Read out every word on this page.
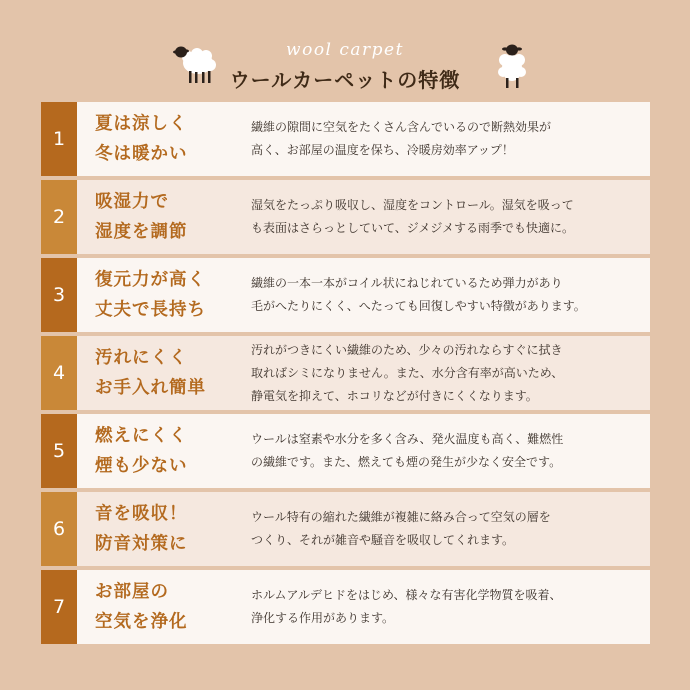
wool carpet
ウールカーペットの特徴
1
夏は涼しく
冬は暖かい
繊維の隙間に空気をたくさん含んでいるので断熱効果が
高く、お部屋の温度を保ち、冷暖房効率アップ！
2
吸湿力で
湿度を調節
湿気をたっぷり吸収し、湿度をコントロール。湿気を吸って
も表面はさらっとしていて、ジメジメする雨季でも快適に。
3
復元力が高く
丈夫で長持ち
繊維の一本一本がコイル状にねじれているため弾力があり
毛がへたりにくく、へたっても回復しやすい特徴があります。
4
汚れにくく
お手入れ簡単
汚れがつきにくい繊維のため、少々の汚れならすぐに拭き
取ればシミになりません。また、水分含有率が高いため、
静電気を抑えて、ホコリなどが付きにくくなります。
5
燃えにくく
煙も少ない
ウールは窒素や水分を多く含み、発火温度も高く、難燃性
の繊維です。また、燃えても煙の発生が少なく安全です。
6
音を吸収！
防音対策に
ウール特有の縮れた繊維が複雑に絡み合って空気の層を
つくり、それが雑音や騒音を吸収してくれます。
7
お部屋の
空気を浄化
ホルムアルデヒドをはじめ、様々な有害化学物質を吸着、
浄化する作用があります。
